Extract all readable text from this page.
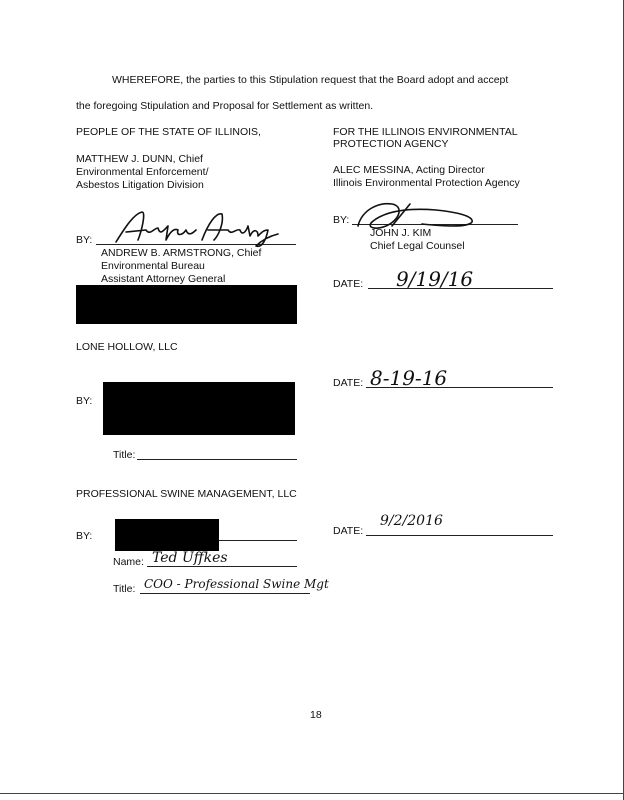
WHEREFORE, the parties to this Stipulation request that the Board adopt and accept
the foregoing Stipulation and Proposal for Settlement as written.
PEOPLE OF THE STATE OF ILLINOIS,
MATTHEW J. DUNN, Chief
Environmental Enforcement/
Asbestos Litigation Division
BY:
ANDREW B. ARMSTRONG, Chief
Environmental Bureau
Assistant Attorney General
FOR THE ILLINOIS ENVIRONMENTAL
PROTECTION AGENCY
ALEC MESSINA, Acting Director
Illinois Environmental Protection Agency
BY:
JOHN J. KIM
Chief Legal Counsel
DATE: 9/19/16
LONE HOLLOW, LLC
BY:
Title:
DATE: 8-19-16
PROFESSIONAL SWINE MANAGEMENT, LLC
BY:
Name: Ted Uffkes
Title: COO - Professional Swine Mgt
DATE:
9/2/2016
18
